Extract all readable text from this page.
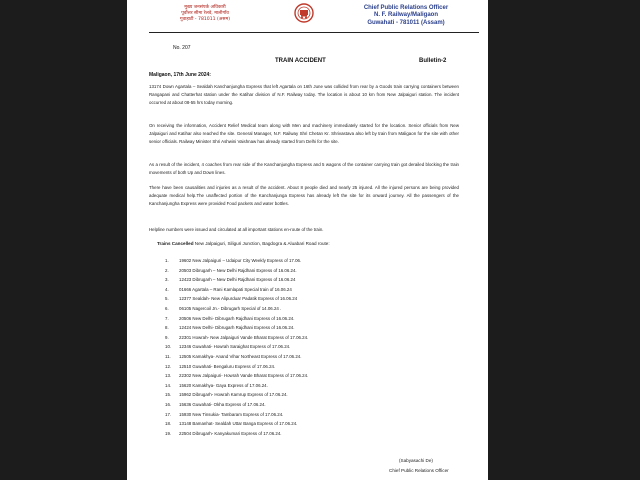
मुख्य जनसंपर्क अधिकारी
पूर्वोत्तर सीमा रेलवे, मालीगाँव
गुवाहाटी - 781011 (असम)
Chief Public Relations Officer
N. F. Railway/Maligaon
Guwahati - 781011 (Assam)
No. 207
TRAIN ACCIDENT	Bulletin-2
Maligaon, 17th June 2024:
13174 Down Agartala – Sealdah Kanchanjungha Express that left Agartala on 16th June was collided from rear by a Goods train carrying containers between Rangapani and Chatterhat station under the Katihar division of N.F. Railway today. The location is about 10 km from New Jalpaiguri station. The incident occurred at about 08-55 hrs today morning.
On receiving the information, Accident Relief Medical team along with Men and machinery immediately started for the location. Senior officials from New Jalpaiguri and Katihar also reached the site. General Manager, N.F. Railway Shri Chetan Kr. Shrivastava also left by train from Maligaon for the site with other senior officials. Railway Minister Shri Ashwini Vaishnaw has already started from Delhi for the site.
As a result of the incident, 4 coaches from rear side of the Kanchanjungha Express and 5 wagons of the container carrying train got derailed blocking the train movements of both Up and Down lines.
There have been causalities and injuries as a result of the accident. About 8 people died and nearly 25 injured. All the injured persons are being provided adequate medical help.The unaffected portion of the Kanchanjunga Express has already left the site for its onward journey. All the passengers of the Kanchanjungha Express were provided Food packets and water bottles.
Helpline numbers were issued and circulated at all important stations en-route of the train.
Trains Cancelled New Jalpaiguri, Siliguri Junction, Bagdogra & Aluabari Road route:
1. 19602 New Jalpaiguri – Udaipur City Weekly Express of 17.06.
2. 20503 Dibrugarh – New Delhi Rajdhani Express of 16.06.24.
3. 12423 Dibrugarh – New Delhi Rajdhani Express of 16.06.24
4. 01666 Agartala – Rani Kamlapati Special train of 16.06.24
5. 12377 Sealdah- New Alipurduar Padatik Express of 16.06.24
6. 06105 Nagercoil Jn.- Dibrugarh Special of 14.06.24 .
7. 20506 New Delhi- Dibrugarh Rajdhani Express of 16.06.24.
8. 12424 New Delhi- Dibrugarh Rajdhani Express of 16.06.24.
9. 22301 Howrah- New Jalpaiguri Vande Bharat Express of 17.06.24.
10. 12346 Guwahati- Howrah Saraighat Express of 17.06.24.
11. 12505 Kamakhya- Anand Vihar Northeast Express of 17.06.24.
12. 12510 Guwahati- Bengaluru Express of 17.06.24.
13. 22302 New Jalpaiguri- Howrah Vande Bharat Express of 17.06.24.
14. 15620 Kamakhya- Gaya Express of 17.06.24.
15. 15962 Dibrugarh- Howrah Kamrup Express of 17.06.24.
16. 15636 Guwahati- Okha Express of 17.06.24.
17. 15930 New Tinsukia- Tambaram Express of 17.06.24.
18. 13148 Bamanhat- Sealdah Uttar Banga Express of 17.06.24.
19. 22504 Dibrugarh- Kanyakumari Express of 17.06.24.
(Sabyasachi De)
Chief Public Relations Officer
